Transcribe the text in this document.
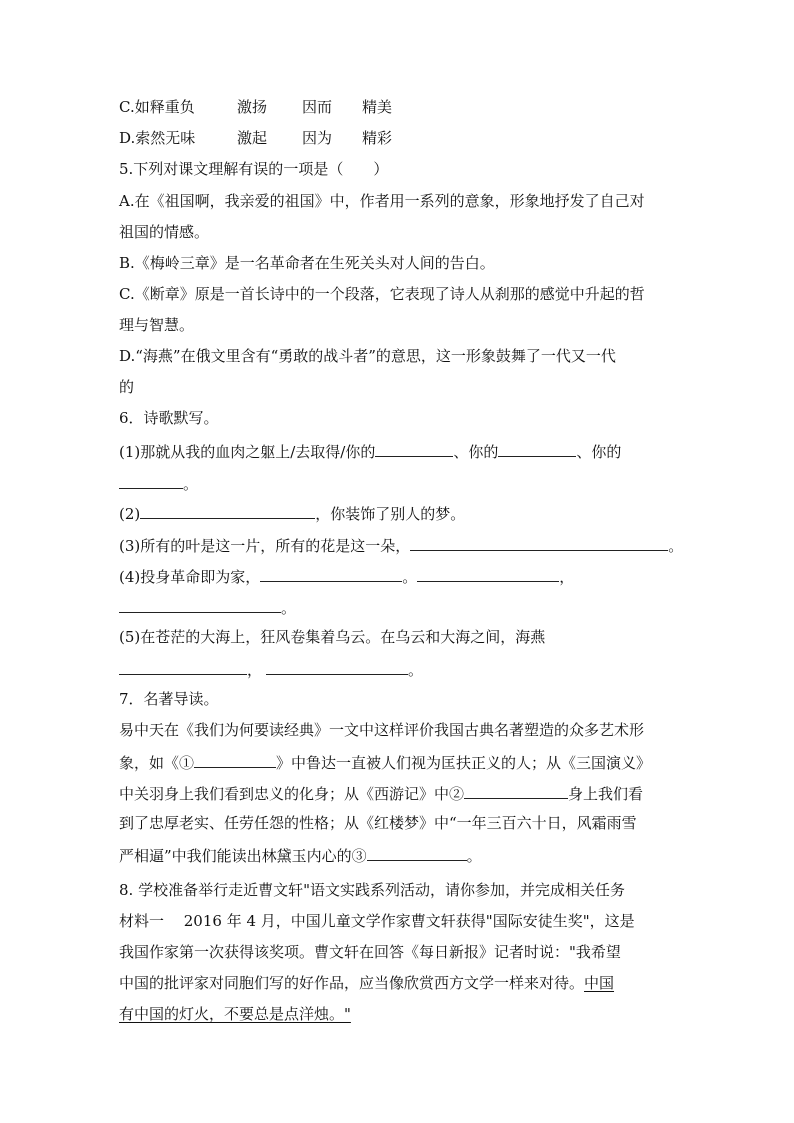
C.如释重负	激扬 因而 精美
D.索然无味	激起 因为 精彩
5.下列对课文理解有误的一项是（　　）
A.在《祖国啊，我亲爱的祖国》中，作者用一系列的意象，形象地抒发了自己对
祖国的情感。
B.《梅岭三章》是一名革命者在生死关头对人间的告白。
C.《断章》原是一首长诗中的一个段落，它表现了诗人从刹那的感觉中升起的哲
理与智慧。
D.“海燕”在俄文里含有“勇敢的战斗者”的意思，这一形象鼓舞了一代又一代
的
6．诗歌默写。
(1)那就从我的血肉之躯上/去取得/你的	、你的	、你的
。
(2)	，你装饰了别人的梦。
(3)所有的叶是这一片，所有的花是这一朵，	。
(4)投身革命即为家，	。	，
。
(5)在苍茫的大海上，狂风卷集着乌云。在乌云和大海之间，海燕
，	。
7．名著导读。
易中天在《我们为何要读经典》一文中这样评价我国古典名著塑造的众多艺术形
象，如《①	》中鲁达一直被人们视为匡扶正义的人；从《三国演义》
中关羽身上我们看到忠义的化身；从《西游记》中②	身上我们看
到了忠厚老实、任劳任怨的性格；从《红楼梦》中“一年三百六十日，风霜雨雪
严相逼”中我们能读出林黛玉内心的③	。
8. 学校准备举行走近曹文轩"语文实践系列活动，请你参加，并完成相关任务
材料一　 2016 年 4 月，中国儿童文学作家曹文轩获得"国际安徒生奖"，这是
我国作家第一次获得该奖项。曹文轩在回答《每日新报》记者时说："我希望
中国的批评家对同胞们写的好作品，应当像欣赏西方文学一样来对待。中国
有中国的灯火，不要总是点洋烛。"
